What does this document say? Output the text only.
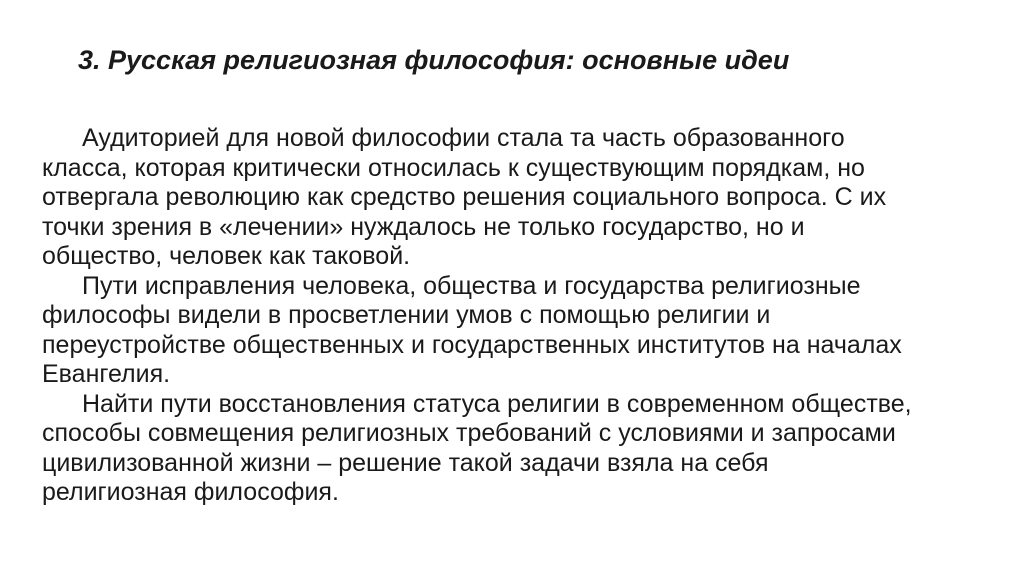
3. Русская религиозная философия: основные идеи

Аудиторией для новой философии стала та часть образованного
класса, которая критически относилась к существующим порядкам, но
отвергала революцию как средство решения социального вопроса. С их
точки зрения в «лечении» нуждалось не только государство, но и
общество, человек как таковой.

Пути исправления человека, общества и государства религиозные
философы видели в просветлении умов с помощью религии и
переустройстве общественных и государственных институтов на началах
Евангелия.

Найти пути восстановления статуса религии в современном обществе,
способы совмещения религиозных требований с условиями и запросами
цивилизованной жизни – решение такой задачи взяла на себя
религиозная философия.
